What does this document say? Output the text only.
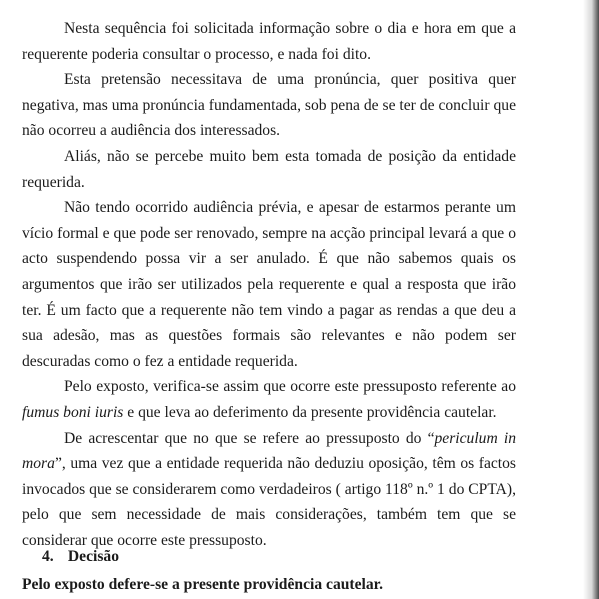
Nesta sequência foi solicitada informação sobre o dia e hora em que a requerente poderia consultar o processo, e nada foi dito.

Esta pretensão necessitava de uma pronúncia, quer positiva quer negativa, mas uma pronúncia fundamentada, sob pena de se ter de concluir que não ocorreu a audiência dos interessados.

Aliás, não se percebe muito bem esta tomada de posição da entidade requerida.

Não tendo ocorrido audiência prévia, e apesar de estarmos perante um vício formal e que pode ser renovado, sempre na acção principal levará a que o acto suspendendo possa vir a ser anulado. É que não sabemos quais os argumentos que irão ser utilizados pela requerente e qual a resposta que irão ter. É um facto que a requerente não tem vindo a pagar as rendas a que deu a sua adesão, mas as questões formais são relevantes e não podem ser descuradas como o fez a entidade requerida.

Pelo exposto, verifica-se assim que ocorre este pressuposto referente ao fumus boni iuris e que leva ao deferimento da presente providência cautelar.

De acrescentar que no que se refere ao pressuposto do “periculum in mora”, uma vez que a entidade requerida não deduziu oposição, têm os factos invocados que se considerarem como verdadeiros ( artigo 118º n.º 1 do CPTA), pelo que sem necessidade de mais considerações, também tem que se considerar que ocorre este pressuposto.

4. Decisão
Pelo exposto defere-se a presente providência cautelar.
